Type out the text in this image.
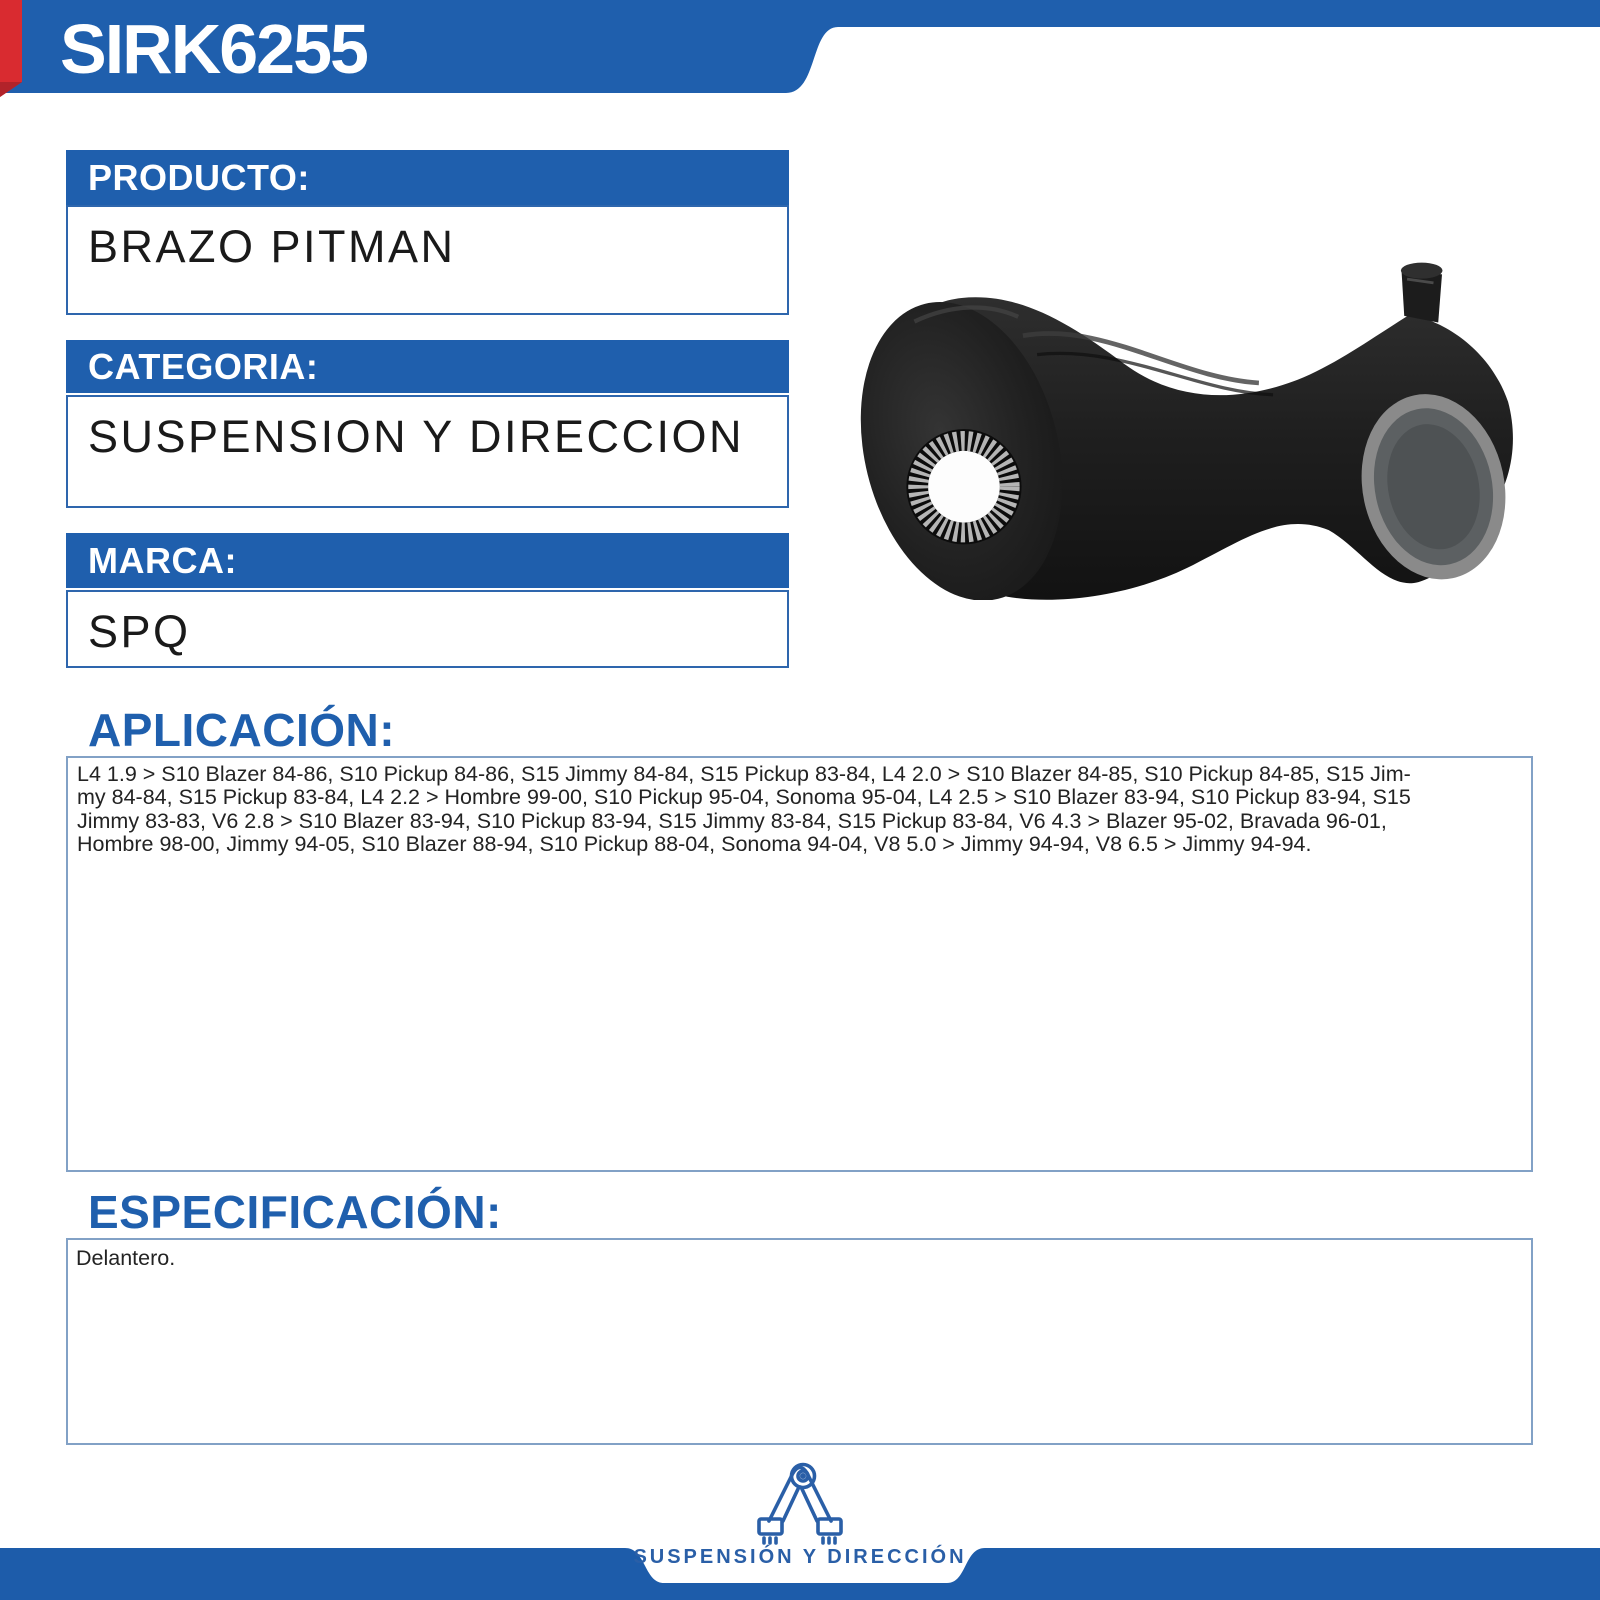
SIRK6255
PRODUCTO:
BRAZO PITMAN
CATEGORIA:
SUSPENSION Y DIRECCION
MARCA:
SPQ
APLICACIÓN:
L4 1.9 > S10 Blazer 84-86, S10 Pickup 84-86, S15 Jimmy 84-84, S15 Pickup 83-84, L4 2.0 > S10 Blazer 84-85, S10 Pickup 84-85, S15 Jim-
my 84-84, S15 Pickup 83-84, L4 2.2 > Hombre 99-00, S10 Pickup 95-04, Sonoma 95-04, L4 2.5 > S10 Blazer 83-94, S10 Pickup 83-94, S15
Jimmy 83-83, V6 2.8 > S10 Blazer 83-94, S10 Pickup 83-94, S15 Jimmy 83-84, S15 Pickup 83-84, V6 4.3 > Blazer 95-02, Bravada 96-01,
Hombre 98-00, Jimmy 94-05, S10 Blazer 88-94, S10 Pickup 88-04, Sonoma 94-04, V8 5.0 > Jimmy 94-94, V8 6.5 > Jimmy 94-94.
ESPECIFICACIÓN:
Delantero.
SUSPENSIÓN Y DIRECCIÓN
